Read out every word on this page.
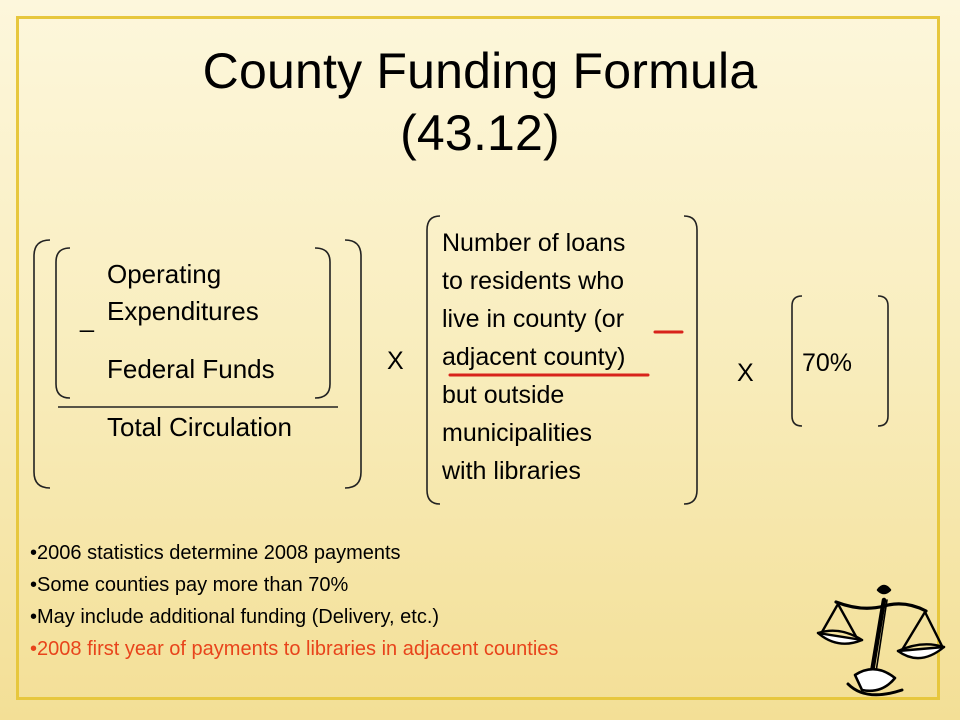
County Funding Formula
(43.12)
Operating
Expenditures
_
Federal Funds
Total Circulation
X	X
Number of loans
to residents who
live in county (or
adjacent county)
but outside
municipalities
with libraries
70%
• 2006 statistics determine 2008 payments
• Some counties pay more than 70%
• May include additional funding (Delivery, etc.)
• 2008 first year of payments to libraries in adjacent counties
